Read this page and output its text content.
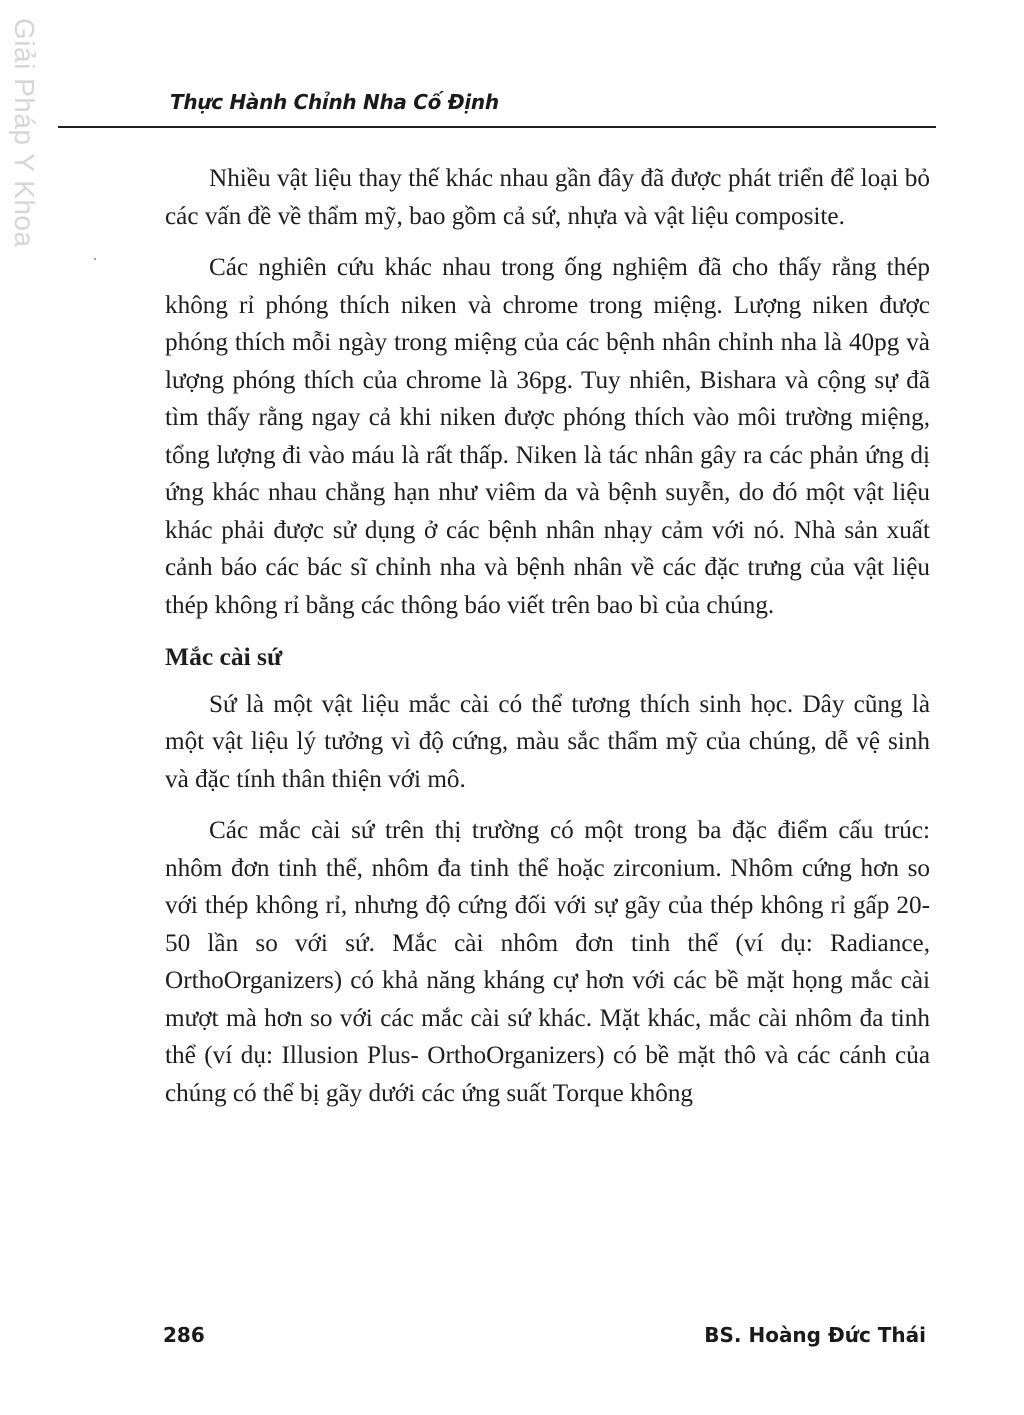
Giải Pháp Y Khoa	Thực Hành Chỉnh Nha Cố Định

Nhiều vật liệu thay thế khác nhau gần đây đã được phát triển để loại bỏ các vấn đề về thẩm mỹ, bao gồm cả sứ, nhựa và vật liệu composite.

Các nghiên cứu khác nhau trong ống nghiệm đã cho thấy rằng thép không rỉ phóng thích niken và chrome trong miệng. Lượng niken được phóng thích mỗi ngày trong miệng của các bệnh nhân chỉnh nha là 40pg và lượng phóng thích của chrome là 36pg. Tuy nhiên, Bishara và cộng sự đã tìm thấy rằng ngay cả khi niken được phóng thích vào môi trường miệng, tổng lượng đi vào máu là rất thấp. Niken là tác nhân gây ra các phản ứng dị ứng khác nhau chẳng hạn như viêm da và bệnh suyễn, do đó một vật liệu khác phải được sử dụng ở các bệnh nhân nhạy cảm với nó. Nhà sản xuất cảnh báo các bác sĩ chỉnh nha và bệnh nhân về các đặc trưng của vật liệu thép không rỉ bằng các thông báo viết trên bao bì của chúng.

Mắc cài sứ

Sứ là một vật liệu mắc cài có thể tương thích sinh học. Dây cũng là một vật liệu lý tưởng vì độ cứng, màu sắc thẩm mỹ của chúng, dễ vệ sinh và đặc tính thân thiện với mô.

Các mắc cài sứ trên thị trường có một trong ba đặc điểm cấu trúc: nhôm đơn tinh thể, nhôm đa tinh thể hoặc zirconium. Nhôm cứng hơn so với thép không rỉ, nhưng độ cứng đối với sự gãy của thép không rỉ gấp 20-50 lần so với sứ. Mắc cài nhôm đơn tinh thể (ví dụ: Radiance, OrthoOrganizers) có khả năng kháng cự hơn với các bề mặt họng mắc cài mượt mà hơn so với các mắc cài sứ khác. Mặt khác, mắc cài nhôm đa tinh thể (ví dụ: Illusion Plus- OrthoOrganizers) có bề mặt thô và các cánh của chúng có thể bị gãy dưới các ứng suất Torque không

286	BS. Hoàng Đức Thái
